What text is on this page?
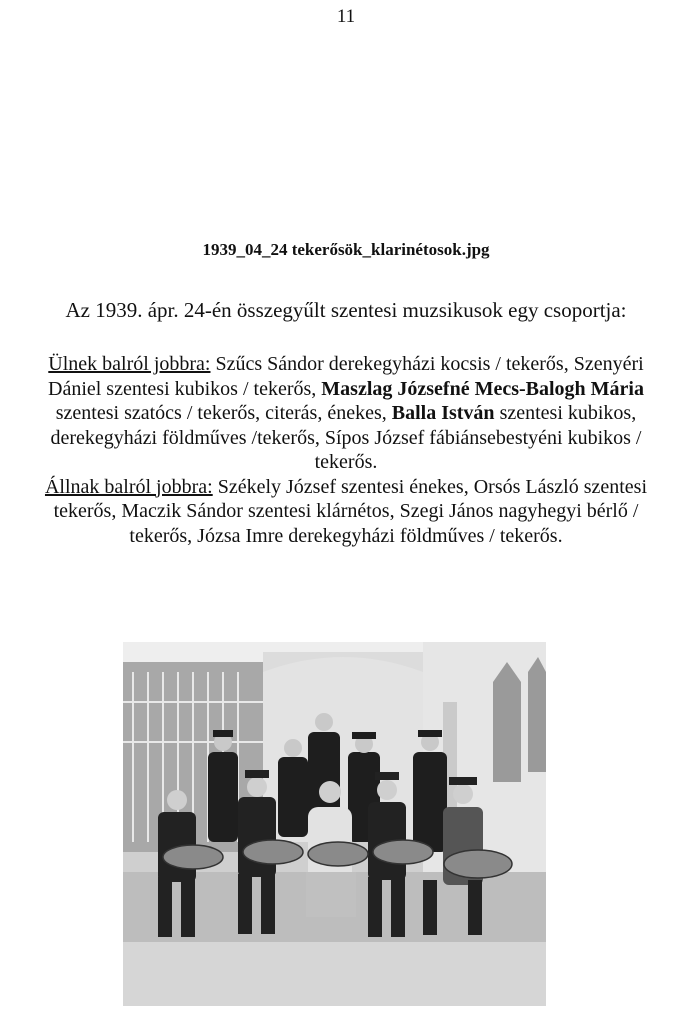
11
1939_04_24 tekerősök_klarinétosok.jpg
Az 1939. ápr. 24-én összegyűlt szentesi muzsikusok egy csoportja:
Ülnek balról jobbra: Szűcs Sándor derekegyházi kocsis / tekerős, Szenyéri Dániel szentesi kubikos / tekerős, Maszlag Józsefné Mecs-Balogh Mária szentesi szatócs / tekerős, citerás, énekes, Balla István szentesi kubikos, derekegyházi földműves /tekerős, Sípos József fábiánsebestyéni kubikos / tekerős.
Állnak balról jobbra: Székely József szentesi énekes, Orsós László szentesi tekerős, Maczik Sándor szentesi klárnétos, Szegi János nagyhegyi bérlő / tekerős, Józsa Imre derekegyházi földműves / tekerős.
